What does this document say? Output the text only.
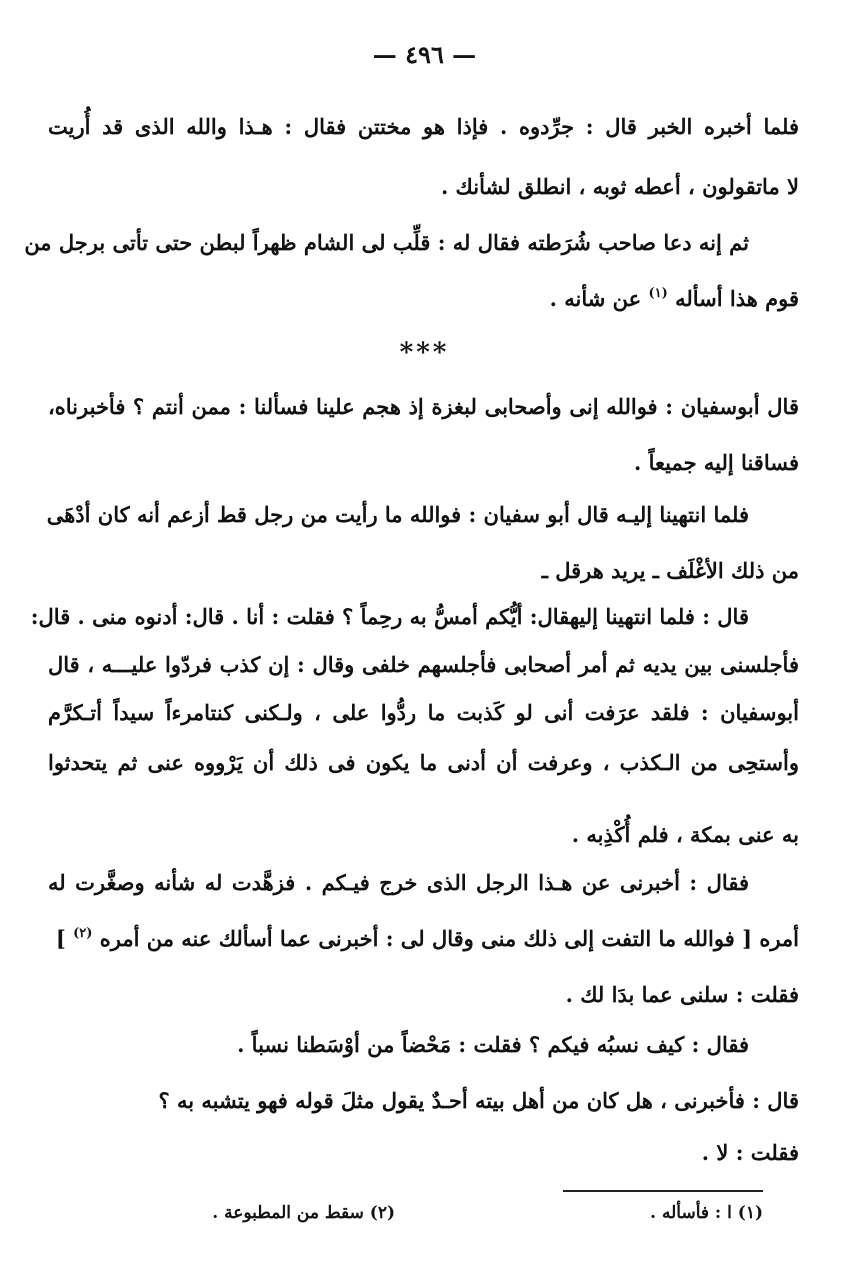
— ٤٩٦ —
فلما أخبره الخبر قال : جرِّدوه . فإذا هو مختتن فقال : هـذا والله الذى قد أُريت
لا ماتقولون ، أعطه ثوبه ، انطلق لشأنك .
ثم إنه دعا صاحب شُرَطته فقال له : قلِّب لى الشام ظهراً لبطن حتى تأتى برجل من
قوم هذا أسأله $^{(١)}$ عن شأنه .
***
قال أبوسفيان : فوالله إنى وأصحابى لبغزة إذ هجم علينا فسألنا : ممن أنتم ؟ فأخبرناه،
فساقنا إليه جميعاً .
فلما انتهينا إليـه قال أبو سفيان : فوالله ما رأيت من رجل قط أزعم أنه كان أدْهَى
من ذلك الأغْلَف ـ يريد هرقل ـ
قال : فلما انتهينا إليهقال: أيُّكم أمسُّ به رحِماً ؟ فقلت : أنا . قال: أدنوه منى . قال:
فأجلسنى بين يديه ثم أمر أصحابى فأجلسهم خلفى وقال : إن كذب فردّوا عليـــه ، قال
أبوسفيان : فلقد عرَفت أنى لو كَذبت ما ردُّوا على ، ولـكنى كنتامرءاً سيداً أتـكرَّم
وأستحِى من الـكذب ، وعرفت أن أدنى ما يكون فى ذلك أن يَرْووه عنى ثم يتحدثوا
به عنى بمكة ، فلم أُكْذِبه .
فقال : أخبرنى عن هـذا الرجل الذى خرج فيـكم . فزهَّدت له شأنه وصغَّرت له
أمره [ فوالله ما التفت إلى ذلك منى وقال لى : أخبرنى عما أسألك عنه من أمره $^{(٢)}$ ]
فقلت : سلنى عما بدَا لك .
فقال : كيف نسبُه فيكم ؟ فقلت : مَحْضاً من أوْسَطنا نسباً .
قال : فأخبرنى ، هل كان من أهل بيته أحـدٌ يقول مثلَ قوله فهو يتشبه به ؟
فقلت : لا .
(١) ا : فأسأله .
(٢) سقط من المطبوعة .
